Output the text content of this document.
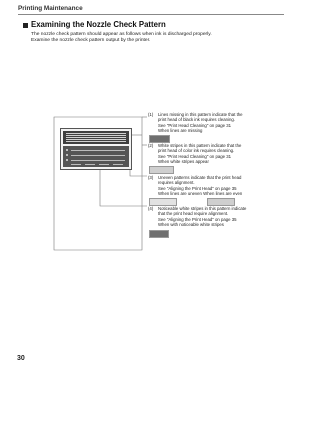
Printing Maintenance
Examining the Nozzle Check Pattern
The nozzle check pattern should appear as follows when ink is discharged properly.
Examine the nozzle check pattern output by the printer.
(1) Lines missing in this pattern indicate that the
print head of black ink requires cleaning.
See "Print Head Cleaning" on page 31
When lines are missing
(2) White stripes in this pattern indicate that the
print head of color ink requires cleaning.
See "Print Head Cleaning" on page 31
When white stripes appear
(3) Uneven patterns indicate that the print head
requires alignment.
See "Aligning the Print Head" on page 35
When lines are uneven When lines are even
(4) Noticeable white stripes in this pattern indicate
that the print head require alignment.
See "Aligning the Print Head" on page 35
When with noticeable white stripes
30
